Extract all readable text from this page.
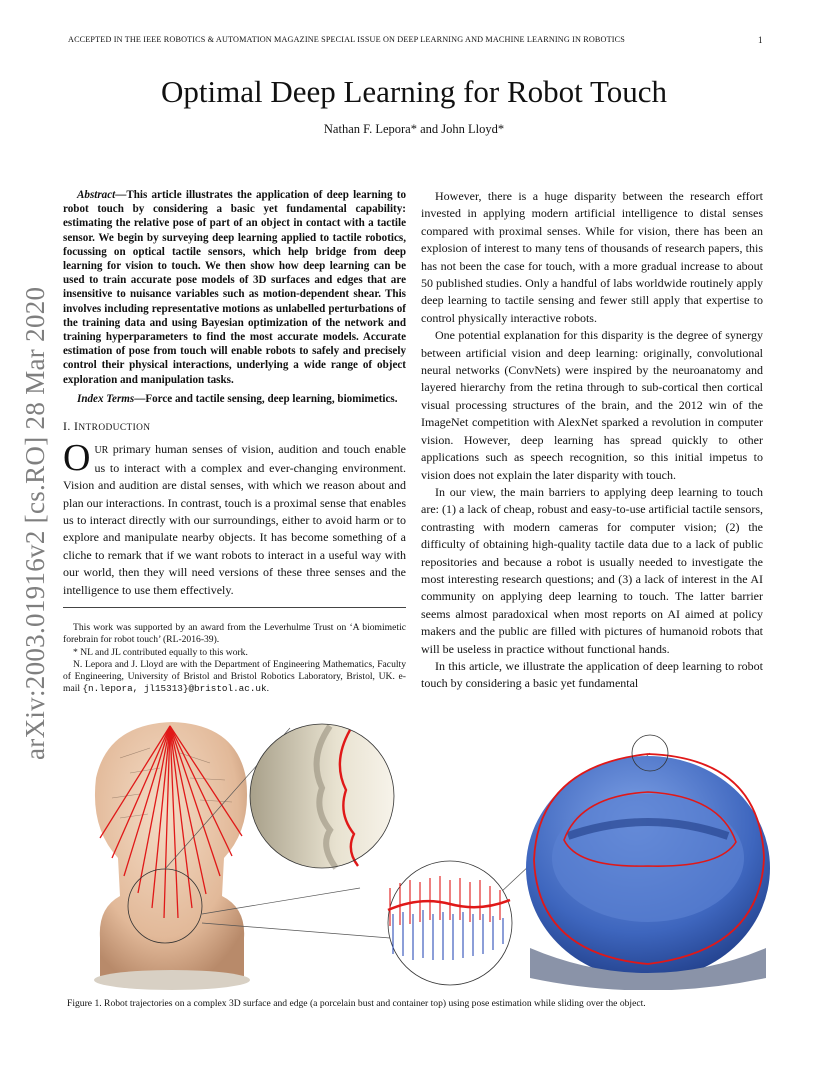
ACCEPTED IN THE IEEE ROBOTICS & AUTOMATION MAGAZINE SPECIAL ISSUE ON DEEP LEARNING AND MACHINE LEARNING IN ROBOTICS	1
Optimal Deep Learning for Robot Touch
Nathan F. Lepora* and John Lloyd*
arXiv:2003.01916v2 [cs.RO] 28 Mar 2020

Abstract—This article illustrates the application of deep learning to robot touch by considering a basic yet fundamental capability: estimating the relative pose of part of an object in contact with a tactile sensor. We begin by surveying deep learning applied to tactile robotics, focussing on optical tactile sensors, which help bridge from deep learning for vision to touch. We then show how deep learning can be used to train accurate pose models of 3D surfaces and edges that are insensitive to nuisance variables such as motion-dependent shear. This involves including representative motions as unlabelled perturbations of the training data and using Bayesian optimization of the network and training hyperparameters to find the most accurate models. Accurate estimation of pose from touch will enable robots to safely and precisely control their physical interactions, underlying a wide range of object exploration and manipulation tasks.

Index Terms—Force and tactile sensing, deep learning, biomimetics.

I. INTRODUCTION

OUR primary human senses of vision, audition and touch enable us to interact with a complex and ever-changing environment. Vision and audition are distal senses, with which we reason about and plan our interactions. In contrast, touch is a proximal sense that enables us to interact directly with our surroundings, either to avoid harm or to explore and manipulate nearby objects. It has become something of a cliche to remark that if we want robots to interact in a useful way with our world, then they will need versions of these three senses and the intelligence to use them effectively.

This work was supported by an award from the Leverhulme Trust on ‘A biomimetic forebrain for robot touch’ (RL-2016-39).

* NL and JL contributed equally to this work.

N. Lepora and J. Lloyd are with the Department of Engineering Mathematics, Faculty of Engineering, University of Bristol and Bristol Robotics Laboratory, Bristol, UK. e-mail {n.lepora, jl15313}@bristol.ac.uk.

However, there is a huge disparity between the research effort invested in applying modern artificial intelligence to distal senses compared with proximal senses. While for vision, there has been an explosion of interest to many tens of thousands of research papers, this has not been the case for touch, with a more gradual increase to about 50 published studies. Only a handful of labs worldwide routinely apply deep learning to tactile sensing and fewer still apply that expertise to control physically interactive robots.

One potential explanation for this disparity is the degree of synergy between artificial vision and deep learning: originally, convolutional neural networks (ConvNets) were inspired by the neuroanatomy and layered hierarchy from the retina through to sub-cortical then cortical visual processing structures of the brain, and the 2012 win of the ImageNet competition with AlexNet sparked a revolution in computer vision. However, deep learning has spread quickly to other applications such as speech recognition, so this initial impetus to vision does not explain the later disparity with touch.

In our view, the main barriers to applying deep learning to touch are: (1) a lack of cheap, robust and easy-to-use artificial tactile sensors, contrasting with modern cameras for computer vision; (2) the difficulty of obtaining high-quality tactile data due to a lack of public repositories and because a robot is usually needed to investigate the most interesting research questions; and (3) a lack of interest in the AI community on applying deep learning to touch. The latter barrier seems almost paradoxical when most reports on AI aimed at policy makers and the public are filled with pictures of humanoid robots that will be useless in practice without functional hands.

In this article, we illustrate the application of deep learning to robot touch by considering a basic yet fundamental

Figure 1. Robot trajectories on a complex 3D surface and edge (a porcelain bust and container top) using pose estimation while sliding over the object.
